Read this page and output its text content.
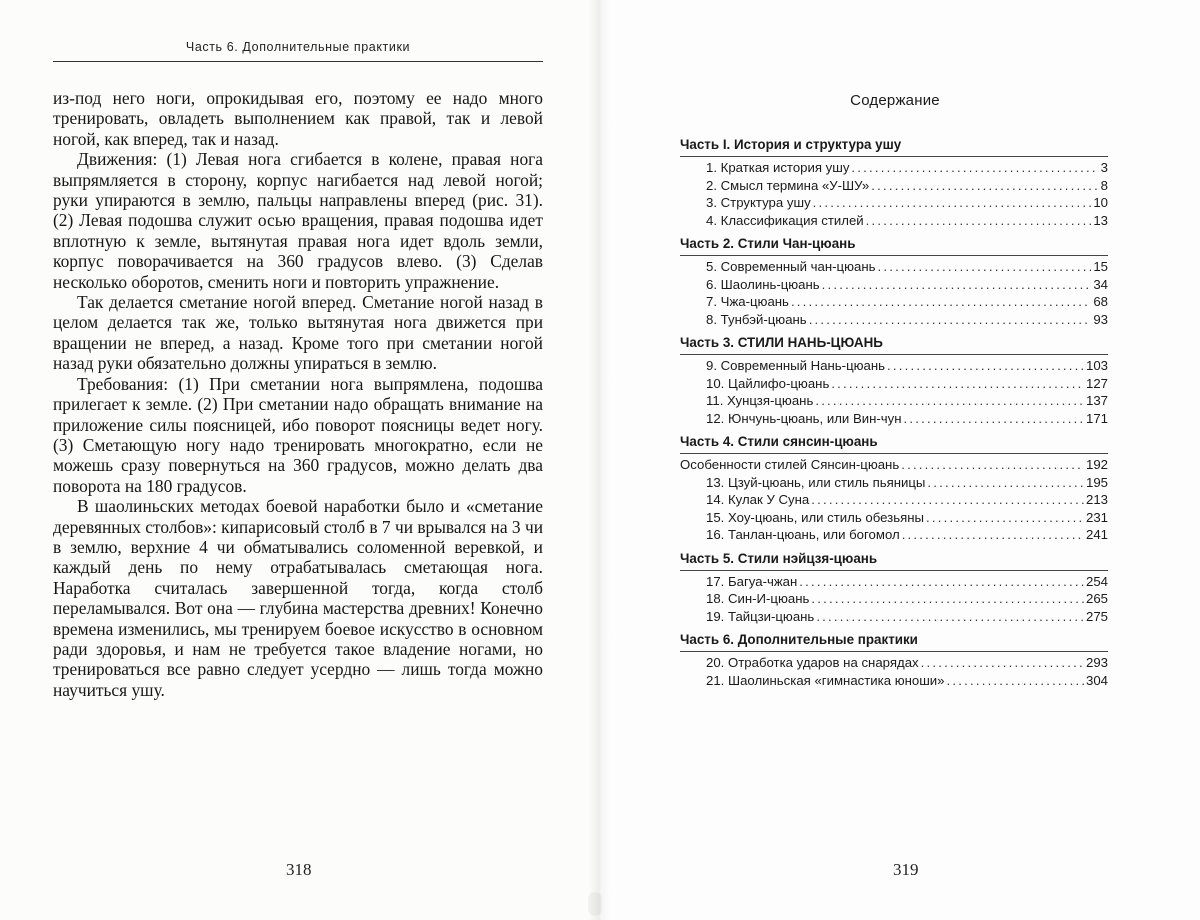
Часть 6. Дополнительные практики

из-под него ноги, опрокидывая его, поэтому ее надо много тренировать, овладеть выполнением как правой, так и левой ногой, как вперед, так и назад.

Движения: (1) Левая нога сгибается в колене, правая нога выпрямляется в сторону, корпус нагибается над левой ногой; руки упираются в землю, пальцы направлены вперед (рис. 31). (2) Левая подошва служит осью вращения, правая подошва идет вплотную к земле, вытянутая правая нога идет вдоль земли, корпус поворачивается на 360 градусов влево. (3) Сделав несколько оборотов, сменить ноги и повторить упражнение.

Так делается сметание ногой вперед. Сметание ногой назад в целом делается так же, только вытянутая нога движется при вращении не вперед, а назад. Кроме того при сметании ногой назад руки обязательно должны упираться в землю.

Требования: (1) При сметании нога выпрямлена, подошва прилегает к земле. (2) При сметании надо обращать внимание на приложение силы поясницей, ибо поворот поясницы ведет ногу. (3) Сметающую ногу надо тренировать многократно, если не можешь сразу повернуться на 360 градусов, можно делать два поворота на 180 градусов.

В шаолиньских методах боевой наработки было и «сметание деревянных столбов»: кипарисовый столб в 7 чи врывался на 3 чи в землю, верхние 4 чи обматывались соломенной веревкой, и каждый день по нему отрабатывалась сметающая нога. Наработка считалась завершенной тогда, когда столб переламывался. Вот она — глубина мастерства древних! Конечно времена изменились, мы тренируем боевое искусство в основном ради здоровья, и нам не требуется такое владение ногами, но тренироваться все равно следует усердно — лишь тогда можно научиться ушу.

318
Содержание
Часть I. История и структура ушу
1. Краткая история ушу .....	3
2. Смысл термина «У-ШУ» .....	8
3. Структура ушу .....	10
4. Классификация стилей .....	13
Часть 2. Стили Чан-цюань
5. Современный чан-цюань .....	15
6. Шаолинь-цюань .....	34
7. Чжа-цюань .....	68
8. Тунбэй-цюань .....	93
Часть 3. СТИЛИ НАНЬ-ЦЮАНЬ
9. Современный Нань-цюань .....	103
10. Цайлифо-цюань .....	127
11. Хунцзя-цюань .....	137
12. Юнчунь-цюань, или Вин-чун .....	171
Часть 4. Стили сянсин-цюань
Особенности стилей Сянсин-цюань .....	192
13. Цзуй-цюань, или стиль пьяницы .....	195
14. Кулак У Суна .....	213
15. Хоу-цюань, или стиль обезьяны .....	231
16. Танлан-цюань, или богомол .....	241
Часть 5. Стили нэйцзя-цюань
17. Багуа-чжан .....	254
18. Син-И-цюань .....	265
19. Тайцзи-цюань .....	275
Часть 6. Дополнительные практики
20. Отработка ударов на снарядах .....	293
21. Шаолиньская «гимнастика юноши» .....	304
319
